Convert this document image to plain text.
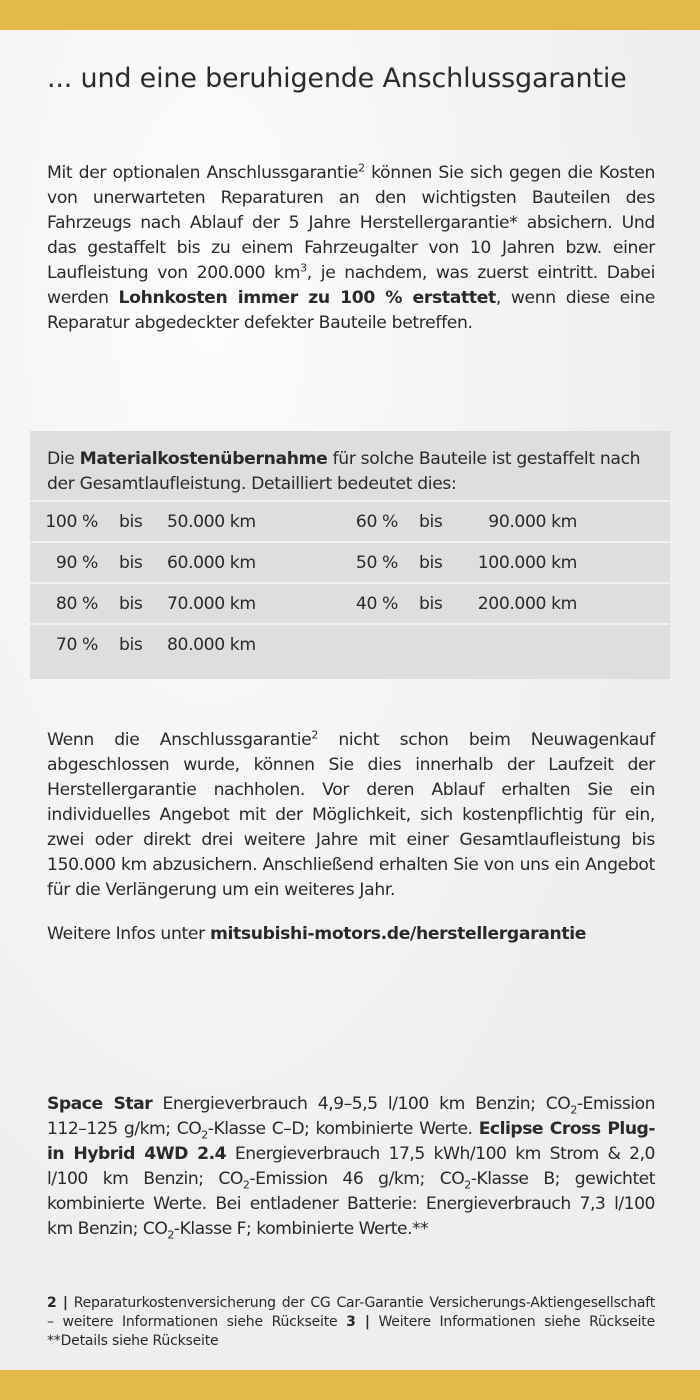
... und eine beruhigende Anschlussgarantie

Mit der optionalen Anschlussgarantie$^2$ können Sie sich gegen die Kosten von unerwarteten Reparaturen an den wichtigsten Bauteilen des Fahrzeugs nach Ablauf der 5 Jahre Herstellergarantie* absichern. Und das gestaffelt bis zu einem Fahrzeugalter von 10 Jahren bzw. einer Laufleistung von 200.000 $km^3$, je nachdem, was zuerst eintritt. Dabei werden Lohnkosten immer zu 100 % erstattet, wenn diese eine Reparatur abgedeckter defekter Bauteile betreffen.

Die Materialkostenübernahme für solche Bauteile ist gestaffelt nach der Gesamtlaufleistung. Detailliert bedeutet dies:
100 % bis 50.000 km	60 % bis	90.000 km
90 % bis 60.000 km	50 % bis 100.000 km
80 % bis 70.000 km	40 % bis 200.000 km
70 % bis 80.000 km

Wenn die Anschlussgarantie$^2$ nicht schon beim Neuwagenkauf abgeschlossen wurde, können Sie dies innerhalb der Laufzeit der Herstellergarantie nachholen. Vor deren Ablauf erhalten Sie ein individuelles Angebot mit der Möglichkeit, sich kostenpflichtig für ein, zwei oder direkt drei weitere Jahre mit einer Gesamtlaufleistung bis 150.000 km abzusichern. Anschließend erhalten Sie von uns ein Angebot für die Verlängerung um ein weiteres Jahr.

Weitere Infos unter mitsubishi-motors.de/herstellergarantie

Space Star Energieverbrauch 4,9–5,5 l/100 km Benzin; $CO_2$-Emission 112–125 g/km; $CO_2$-Klasse C–D; kombinierte Werte. Eclipse Cross Plug-in Hybrid 4WD 2.4 Energieverbrauch 17,5 kWh/100 km Strom & 2,0 l/100 km Benzin; $CO_2$-Emission 46 g/km; $CO_2$-Klasse B; gewichtet kombinierte Werte. Bei entladener Batterie: Energieverbrauch 7,3 l/100 km Benzin; $CO_2$-Klasse F; kombinierte Werte.**

2 | Reparaturkostenversicherung der CG Car-Garantie Versicherungs-Aktiengesellschaft – weitere Informationen siehe Rückseite 3 | Weitere Informationen siehe Rückseite **Details siehe Rückseite
